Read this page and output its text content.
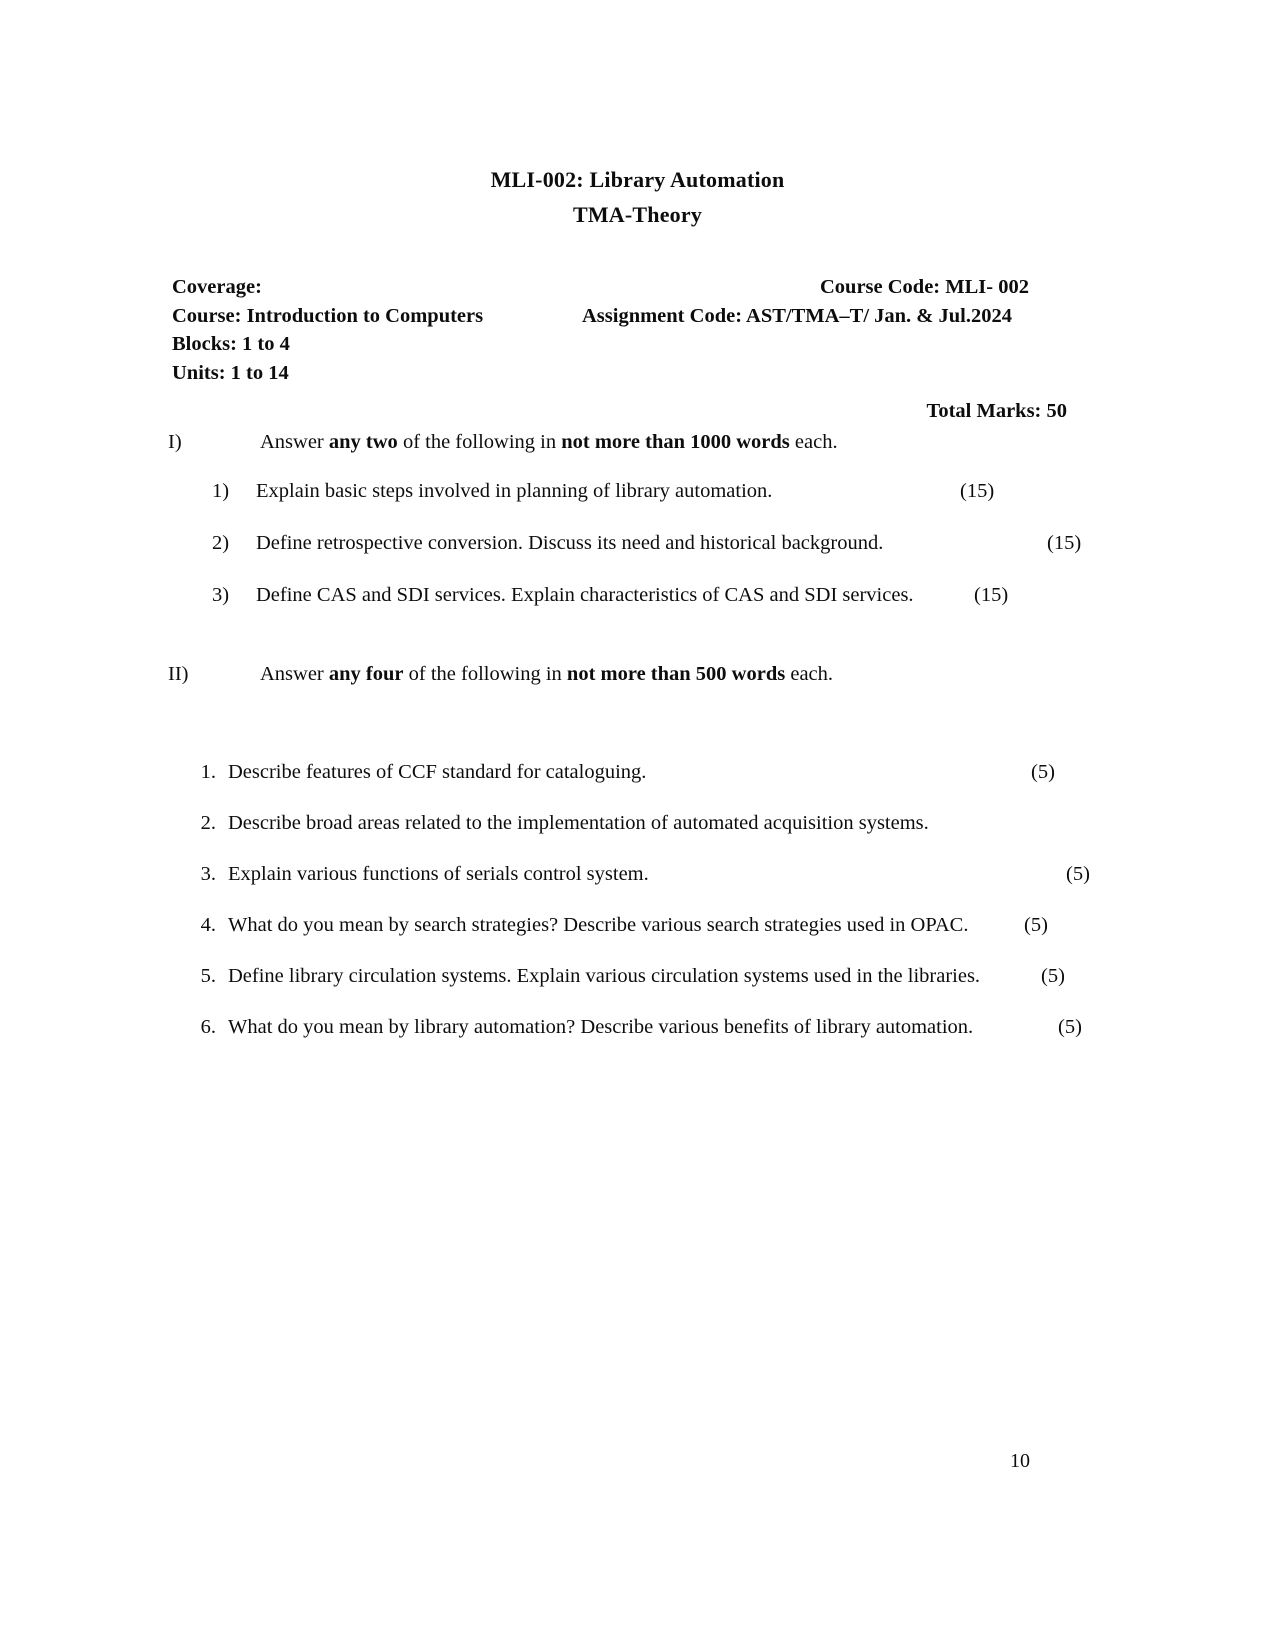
MLI-002: Library Automation
TMA-Theory
Coverage:	Course Code: MLI- 002
Course: Introduction to Computers	Assignment Code: AST/TMA–T/ Jan. & Jul.2024
Blocks: 1 to 4
Units: 1 to 14
Total Marks: 50
I)	Answer any two of the following in not more than 1000 words each.
1)	Explain basic steps involved in planning of library automation.	(15)
2)	Define retrospective conversion. Discuss its need and historical background.	(15)
3)	Define CAS and SDI services. Explain characteristics of CAS and SDI services.	(15)
II)	Answer any four of the following in not more than 500 words each.
1. Describe features of CCF standard for cataloguing.	(5)
2. Describe broad areas related to the implementation of automated acquisition systems.
3. Explain various functions of serials control system.	(5)
4. What do you mean by search strategies? Describe various search strategies used in OPAC.	(5)
5. Define library circulation systems. Explain various circulation systems used in the libraries.	(5)
6. What do you mean by library automation? Describe various benefits of library automation.	(5)
10
